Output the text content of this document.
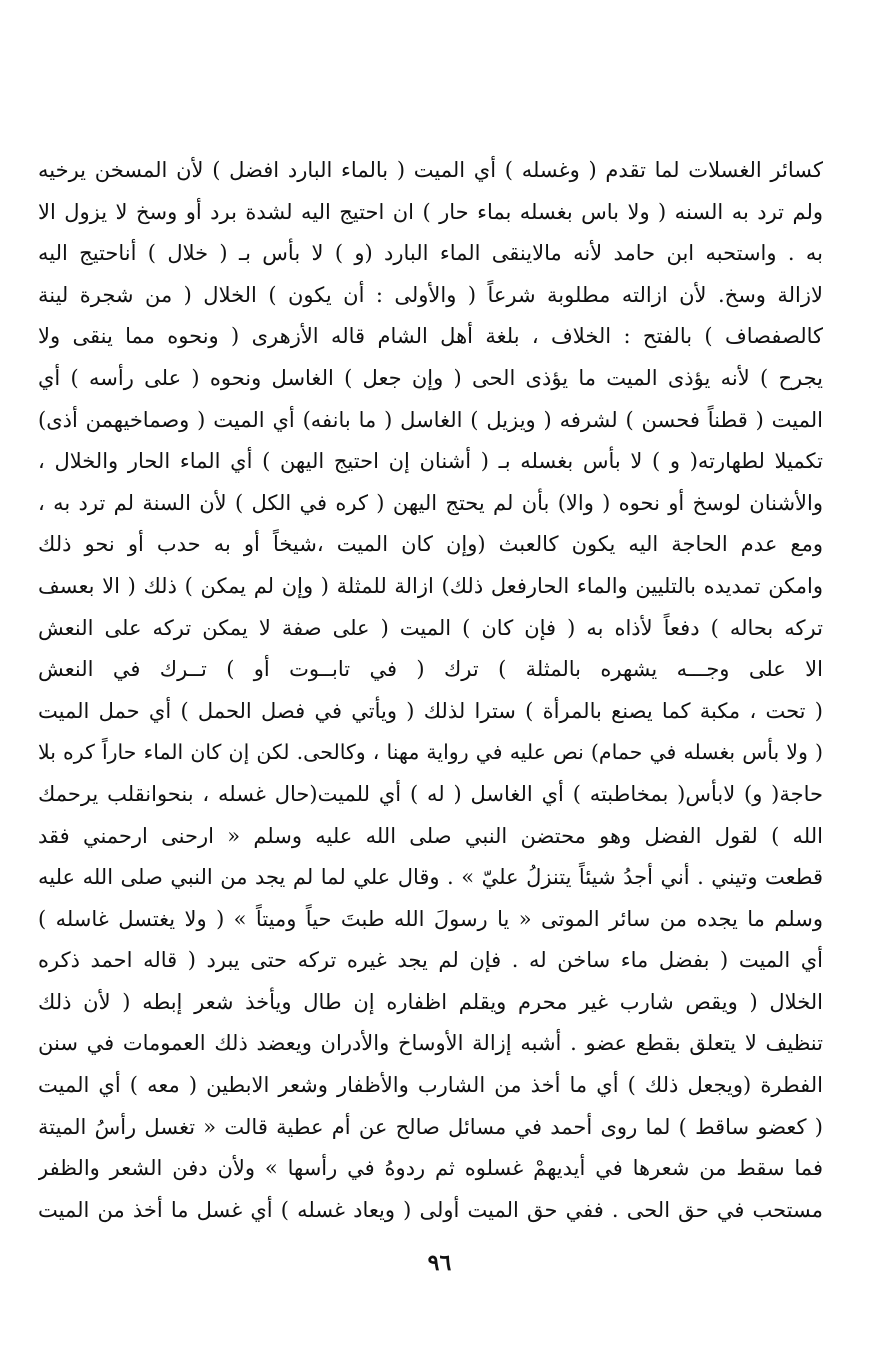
كسائر الغسلات لما تقدم ( وغسله ) أي الميت ( بالماء البارد افضل ) لأن المسخن يرخيه
ولم ترد به السنه ( ولا باس بغسله بماء حار ) ان احتيج اليه لشدة برد أو وسخ لا يزول الا
به . واستحبه ابن حامد لأنه مالاينقى الماء البارد (و ) لا بأس بـ ( خلال ) أناحتيج اليه
لازالة وسخ. لأن ازالته مطلوبة شرعاً ( والأولى : أن يكون ) الخلال ( من شجرة لينة
كالصفصاف ) بالفتح : الخلاف ، بلغة أهل الشام قاله الأزهرى ( ونحوه مما ينقى ولا
يجرح ) لأنه يؤذى الميت ما يؤذى الحى ( وإن جعل ) الغاسل ونحوه ( على رأسه ) أي
الميت ( قطناً فحسن ) لشرفه ( ويزيل ) الغاسل ( ما بانفه) أي الميت ( وصماخيهمن أذى)
تكميلا لطهارته( و ) لا بأس بغسله بـ ( أشنان إن احتيج اليهن ) أي الماء الحار والخلال ،
والأشنان لوسخ أو نحوه ( والا) بأن لم يحتج اليهن ( كره في الكل ) لأن السنة لم ترد به ،
ومع عدم الحاجة اليه يكون كالعبث (وإن كان الميت ،شيخاً أو به حدب أو نحو ذلك
وامكن تمديده بالتليين والماء الحارفعل ذلك) ازالة للمثلة ( وإن لم يمكن ) ذلك ( الا بعسف
تركه بحاله ) دفعاً لأذاه به ( فإن كان ) الميت ( على صفة لا يمكن تركه على النعش
الا على وجـــه يشهره بالمثلة ) ترك ( في تابــوت أو ) تــرك في النعش
( تحت ، مكبة كما يصنع بالمرأة ) سترا لذلك ( ويأتي في فصل الحمل ) أي حمل الميت
( ولا بأس بغسله في حمام) نص عليه في رواية مهنا ، وكالحى. لكن إن كان الماء حاراً كره بلا
حاجة( و) لابأس( بمخاطبته ) أي الغاسل ( له ) أي للميت(حال غسله ، بنحوانقلب يرحمك
الله ) لقول الفضل وهو محتضن النبي صلى الله عليه وسلم « ارحنى ارحمني فقد
قطعت وتيني . أني أجدُ شيئاً يتنزلُ عليّ » . وقال علي لما لم يجد من النبي صلى الله عليه
وسلم ما يجده من سائر الموتى « يا رسولَ الله طبتَ حياً وميتاً » ( ولا يغتسل غاسله )
أي الميت ( بفضل ماء ساخن له . فإن لم يجد غيره تركه حتى يبرد ( قاله احمد ذكره
الخلال ( ويقص شارب غير محرم ويقلم اظفاره إن طال ويأخذ شعر إبطه ( لأن ذلك
تنظيف لا يتعلق بقطع عضو . أشبه إزالة الأوساخ والأدران ويعضد ذلك العمومات في سنن
الفطرة (ويجعل ذلك ) أي ما أخذ من الشارب والأظفار وشعر الابطين ( معه ) أي الميت
( كعضو ساقط ) لما روى أحمد في مسائل صالح عن أم عطية قالت « تغسل رأسُ الميتة
فما سقط من شعرها في أيديهمْ غسلوه ثم ردوهُ في رأسها » ولأن دفن الشعر والظفر
مستحب في حق الحى . ففي حق الميت أولى ( ويعاد غسله ) أي غسل ما أخذ من الميت
٩٦
